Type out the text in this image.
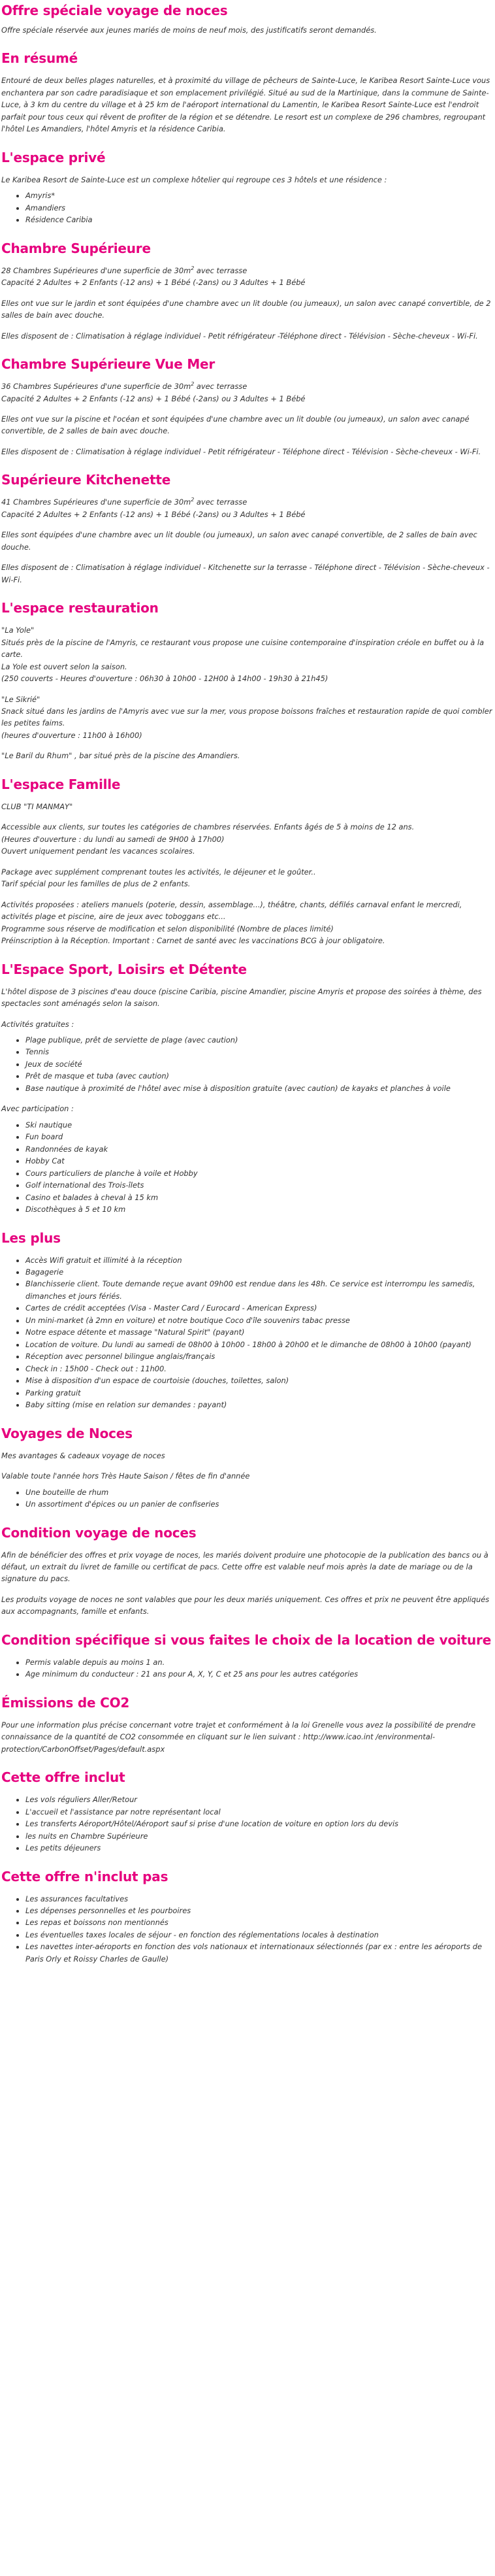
Offre spéciale voyage de noces

Offre spéciale réservée aux jeunes mariés de moins de neuf mois, des justificatifs seront demandés.

En résumé

Entouré de deux belles plages naturelles, et à proximité du village de pêcheurs de Sainte-Luce, le Karibea Resort Sainte-Luce vous enchantera par son cadre paradisiaque et son emplacement privilégié. Situé au sud de la Martinique, dans la commune de Sainte-Luce, à 3 km du centre du village et à 25 km de l'aéroport international du Lamentin, le Karibea Resort Sainte-Luce est l'endroit parfait pour tous ceux qui rêvent de profiter de la région et se détendre. Le resort est un complexe de 296 chambres, regroupant l'hôtel Les Amandiers, l'hôtel Amyris et la résidence Caribia.

L'espace privé

Le Karibea Resort de Sainte-Luce est un complexe hôtelier qui regroupe ces 3 hôtels et une résidence :

• Amyris*
• Amandiers
• Résidence Caribia
Chambre Supérieure

28 Chambres Supérieures d'une superficie de $30m^2$ avec terrasse
Capacité 2 Adultes + 2 Enfants (-12 ans) + 1 Bébé (-2ans) ou 3 Adultes + 1 Bébé

Elles ont vue sur le jardin et sont équipées d'une chambre avec un lit double (ou jumeaux), un salon avec canapé convertible, de 2 salles de bain avec douche.

Elles disposent de : Climatisation à réglage individuel - Petit réfrigérateur -Téléphone direct - Télévision - Sèche-cheveux - Wi-Fi.

Chambre Supérieure Vue Mer

36 Chambres Supérieures d'une superficie de $30m^2$ avec terrasse
Capacité 2 Adultes + 2 Enfants (-12 ans) + 1 Bébé (-2ans) ou 3 Adultes + 1 Bébé

Elles ont vue sur la piscine et l'océan et sont équipées d'une chambre avec un lit double (ou jumeaux), un salon avec canapé convertible, de 2 salles de bain avec douche.

Elles disposent de : Climatisation à réglage individuel - Petit réfrigérateur - Téléphone direct - Télévision - Sèche-cheveux - Wi-Fi.

Supérieure Kitchenette

41 Chambres Supérieures d'une superficie de $30m^2$ avec terrasse
Capacité 2 Adultes + 2 Enfants (-12 ans) + 1 Bébé (-2ans) ou 3 Adultes + 1 Bébé

Elles sont équipées d'une chambre avec un lit double (ou jumeaux), un salon avec canapé convertible, de 2 salles de bain avec douche.

Elles disposent de : Climatisation à réglage individuel - Kitchenette sur la terrasse - Téléphone direct - Télévision - Sèche-cheveux - Wi-Fi.

L'espace restauration

"La Yole"
Situés près de la piscine de l'Amyris, ce restaurant vous propose une cuisine contemporaine d'inspiration créole en buffet ou à la carte.
La Yole est ouvert selon la saison.
(250 couverts - Heures d'ouverture : 06h30 à 10h00 - 12H00 à 14h00 - 19h30 à 21h45)

"Le Sikrié"
Snack situé dans les jardins de l'Amyris avec vue sur la mer, vous propose boissons fraîches et restauration rapide de quoi combler les petites faims.
(heures d'ouverture : 11h00 à 16h00)

"Le Baril du Rhum" , bar situé près de la piscine des Amandiers.

L'espace Famille

CLUB "TI MANMAY"

Accessible aux clients, sur toutes les catégories de chambres réservées. Enfants âgés de 5 à moins de 12 ans.
(Heures d'ouverture : du lundi au samedi de 9H00 à 17h00)
Ouvert uniquement pendant les vacances scolaires.

Package avec supplément comprenant toutes les activités, le déjeuner et le goûter..
Tarif spécial pour les familles de plus de 2 enfants.

Activités proposées : ateliers manuels (poterie, dessin, assemblage...), théâtre, chants, défilés carnaval enfant le mercredi, activités plage et piscine, aire de jeux avec toboggans etc...
Programme sous réserve de modification et selon disponibilité (Nombre de places limité)
Préinscription à la Réception. Important : Carnet de santé avec les vaccinations BCG à jour obligatoire.

L'Espace Sport, Loisirs et Détente

L'hôtel dispose de 3 piscines d'eau douce (piscine Caribia, piscine Amandier, piscine Amyris et propose des soirées à thème, des spectacles sont aménagés selon la saison.

Activités gratuites :

• Plage publique, prêt de serviette de plage (avec caution)
• Tennis
• Jeux de société
• Prêt de masque et tuba (avec caution)
• Base nautique à proximité de l'hôtel avec mise à disposition gratuite (avec caution) de kayaks et planches à voile

Avec participation :

• Ski nautique
• Fun board
• Randonnées de kayak
• Hobby Cat
• Cours particuliers de planche à voile et Hobby
• Golf international des Trois-îlets
• Casino et balades à cheval à 15 km
• Discothèques à 5 et 10 km
Les plus
• Accès Wifi gratuit et illimité à la réception
• Bagagerie
• Blanchisserie client. Toute demande reçue avant 09h00 est rendue dans les 48h. Ce service est interrompu les samedis, dimanches et jours fériés.
• Cartes de crédit acceptées (Visa - Master Card / Eurocard - American Express)
• Un mini-market (à 2mn en voiture) et notre boutique Coco d'île souvenirs tabac presse
• Notre espace détente et massage "Natural Spirit" (payant)
• Location de voiture. Du lundi au samedi de 08h00 à 10h00 - 18h00 à 20h00 et le dimanche de 08h00 à 10h00 (payant)
• Réception avec personnel bilingue anglais/français
• Check in : 15h00 - Check out : 11h00.
• Mise à disposition d'un espace de courtoisie (douches, toilettes, salon)
• Parking gratuit
• Baby sitting (mise en relation sur demandes : payant)
Voyages de Noces

Mes avantages & cadeaux voyage de noces

Valable toute l'année hors Très Haute Saison / fêtes de fin d'année

• Une bouteille de rhum
• Un assortiment d'épices ou un panier de confiseries
Condition voyage de noces

Afin de bénéficier des offres et prix voyage de noces, les mariés doivent produire une photocopie de la publication des bancs ou à défaut, un extrait du livret de famille ou certificat de pacs. Cette offre est valable neuf mois après la date de mariage ou de la signature du pacs.

Les produits voyage de noces ne sont valables que pour les deux mariés uniquement. Ces offres et prix ne peuvent être appliqués aux accompagnants, famille et enfants.

Condition spécifique si vous faites le choix de la location de voiture
• Permis valable depuis au moins 1 an.
• Age minimum du conducteur : 21 ans pour A, X, Y, C et 25 ans pour les autres catégories
Émissions de CO2

Pour une information plus précise concernant votre trajet et conformément à la loi Grenelle vous avez la possibilité de prendre connaissance de la quantité de CO2 consommée en cliquant sur le lien suivant : http://www.icao.int /environmental-protection/CarbonOffset/Pages/default.aspx

Cette offre inclut
• Les vols réguliers Aller/Retour
• L'accueil et l'assistance par notre représentant local
• Les transferts Aéroport/Hôtel/Aéroport sauf si prise d'une location de voiture en option lors du devis
• les nuits en Chambre Supérieure
• Les petits déjeuners
Cette offre n'inclut pas
• Les assurances facultatives
• Les dépenses personnelles et les pourboires
• Les repas et boissons non mentionnés
• Les éventuelles taxes locales de séjour - en fonction des réglementations locales à destination
• Les navettes inter-aéroports en fonction des vols nationaux et internationaux sélectionnés (par ex : entre les aéroports de Paris Orly et Roissy Charles de Gaulle)
